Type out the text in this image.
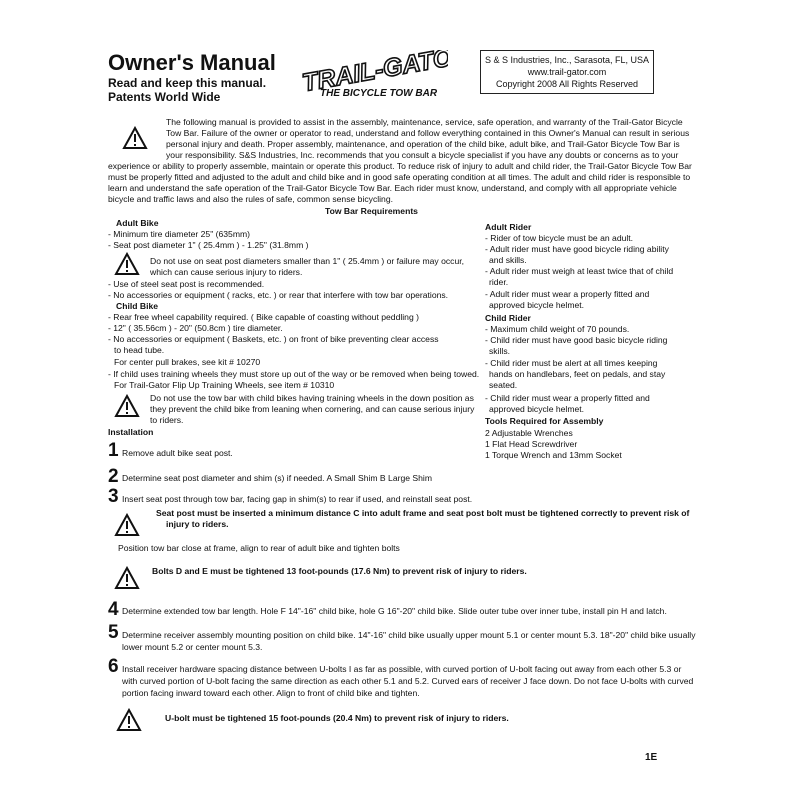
Owner's Manual
Read and keep this manual.
Patents World Wide	TRAIL-GATOR
THE BICYCLE TOW BAR
S & S Industries, Inc., Sarasota, FL, USA
www.trail-gator.com
Copyright 2008 All Rights Reserved
The following manual is provided to assist in the assembly, maintenance, service, safe operation, and warranty of the Trail-Gator Bicycle
Tow Bar. Failure of the owner or operator to read, understand and follow everything contained in this Owner's Manual can result in serious
personal injury and death. Proper assembly, maintenance, and operation of the child bike, adult bike, and Trail-Gator Bicycle Tow Bar is
your responsibility. S&S Industries, Inc. recommends that you consult a bicycle specialist if you have any doubts or concerns as to your
experience or ability to properly assemble, maintain or operate this product. To reduce risk of injury to adult and child rider, the Trail-Gator Bicycle Tow Bar
must be properly fitted and adjusted to the adult and child bike and in good safe operating condition at all times. The adult and child rider is responsible to
learn and understand the safe operation of the Trail-Gator Bicycle Tow Bar. Each rider must know, understand, and comply with all appropriate vehicle
bicycle and traffic laws and also the rules of safe, common sense bicycling.
Tow Bar Requirements
Adult Bike
- Minimum tire diameter 25" (635mm)
- Seat post diameter 1" ( 25.4mm ) - 1.25" (31.8mm )
Do not use on seat post diameters smaller than 1" ( 25.4mm ) or failure may occur,
which can cause serious injury to riders.
- Use of steel seat post is recommended.
- No accessories or equipment ( racks, etc. ) or rear that interfere with tow bar operations.
Child Bike
- Rear free wheel capability required. ( Bike capable of coasting without peddling )
- 12" ( 35.56cm ) - 20" (50.8cm ) tire diameter.
- No accessories or equipment ( Baskets, etc. ) on front of bike preventing clear access
to head tube.
For center pull brakes, see kit # 10270
- If child uses training wheels they must store up out of the way or be removed when being towed.
For Trail-Gator Flip Up Training Wheels, see item # 10310
Do not use the tow bar with child bikes having training wheels in the down position as
they prevent the child bike from leaning when cornering, and can cause serious injury
to riders.
Adult Rider
- Rider of tow bicycle must be an adult.
- Adult rider must have good bicycle riding ability
and skills.
- Adult rider must weigh at least twice that of child
rider.
- Adult rider must wear a properly fitted and
approved bicycle helmet.
Child Rider
- Maximum child weight of 70 pounds.
- Child rider must have good basic bicycle riding
skills.
- Child rider must be alert at all times keeping
hands on handlebars, feet on pedals, and stay
seated.
- Child rider must wear a properly fitted and
approved bicycle helmet.
Tools Required for Assembly
2 Adjustable Wrenches
1 Flat Head Screwdriver
1 Torque Wrench and 13mm Socket
Installation
1 Remove adult bike seat post.
2 Determine seat post diameter and shim (s) if needed. A Small Shim B Large Shim
3 Insert seat post through tow bar, facing gap in shim(s) to rear if used, and reinstall seat post.
Seat post must be inserted a minimum distance C into adult frame and seat post bolt must be tightened correctly to prevent risk of
injury to riders.
Position tow bar close at frame, align to rear of adult bike and tighten bolts
Bolts D and E must be tightened 13 foot-pounds (17.6 Nm) to prevent risk of injury to riders.
4 Determine extended tow bar length. Hole F 14"-16" child bike, hole G 16"-20" child bike. Slide outer tube over inner tube, install pin H and latch.
5 Determine receiver assembly mounting position on child bike. 14"-16" child bike usually upper mount 5.1 or center mount 5.3. 18"-20" child bike usually
lower mount 5.2 or center mount 5.3.
6 Install receiver hardware spacing distance between U-bolts I as far as possible, with curved portion of U-bolt facing out away from each other 5.3 or
with curved portion of U-bolt facing the same direction as each other 5.1 and 5.2. Curved ears of receiver J face down. Do not face U-bolts with curved
portion facing inward toward each other. Align to front of child bike and tighten.
U-bolt must be tightened 15 foot-pounds (20.4 Nm) to prevent risk of injury to riders.
1E
